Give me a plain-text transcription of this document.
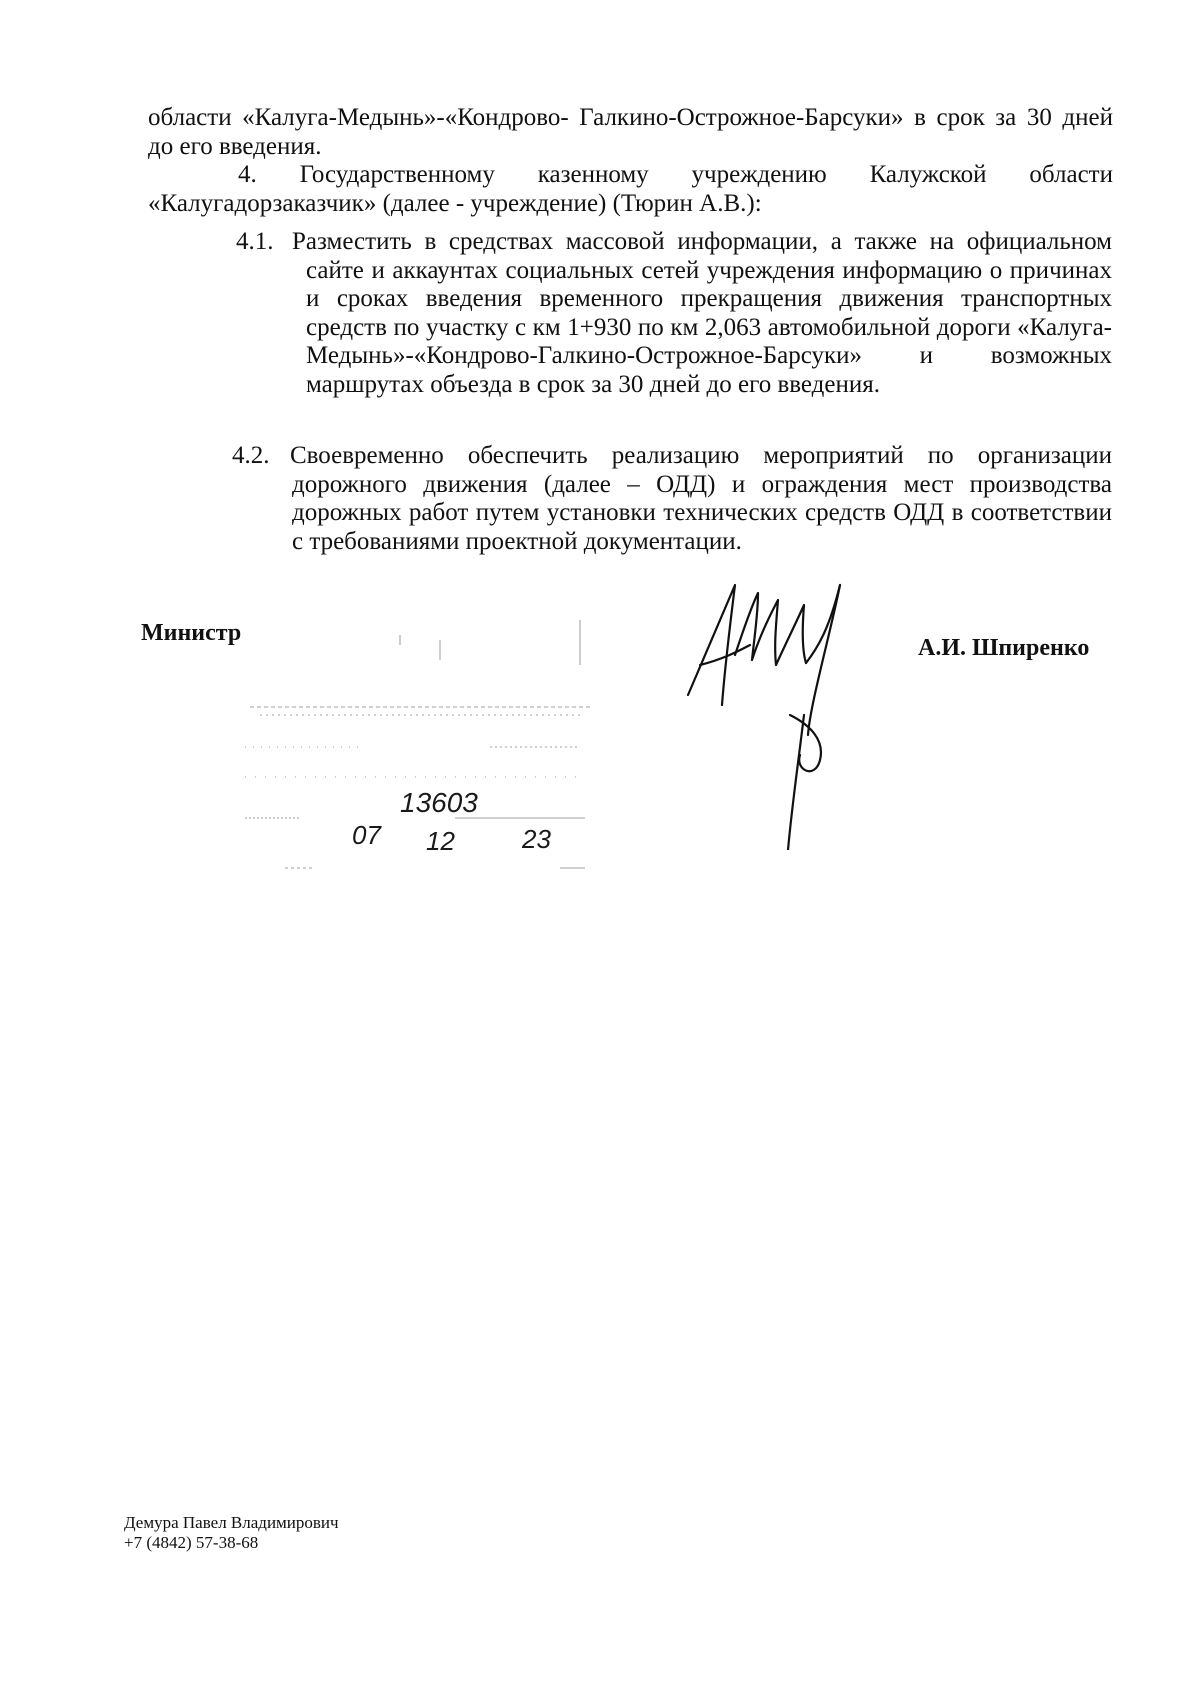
области «Калуга-Медынь»-«Кондрово- Галкино-Острожное-Барсуки» в срок за 30 дней до его введения.
4. Государственному казенному учреждению Калужской области «Калугадорзаказчик» (далее - учреждение) (Тюрин А.В.):
4.1. Разместить в средствах массовой информации, а также на официальном сайте и аккаунтах социальных сетей учреждения информацию о причинах и сроках введения временного прекращения движения транспортных средств по участку с км 1+930 по км 2,063 автомобильной дороги «Калуга-Медынь»-«Кондрово-Галкино-Острожное-Барсуки» и возможных маршрутах объезда в срок за 30 дней до его введения.
4.2. Своевременно обеспечить реализацию мероприятий по организации дорожного движения (далее – ОДД) и ограждения мест производства дорожных работ путем установки технических средств ОДД в соответствии с требованиями проектной документации.
Министр
А.И. Шпиренко
13603
07 12	23
Демура Павел Владимирович
+7 (4842) 57-38-68
